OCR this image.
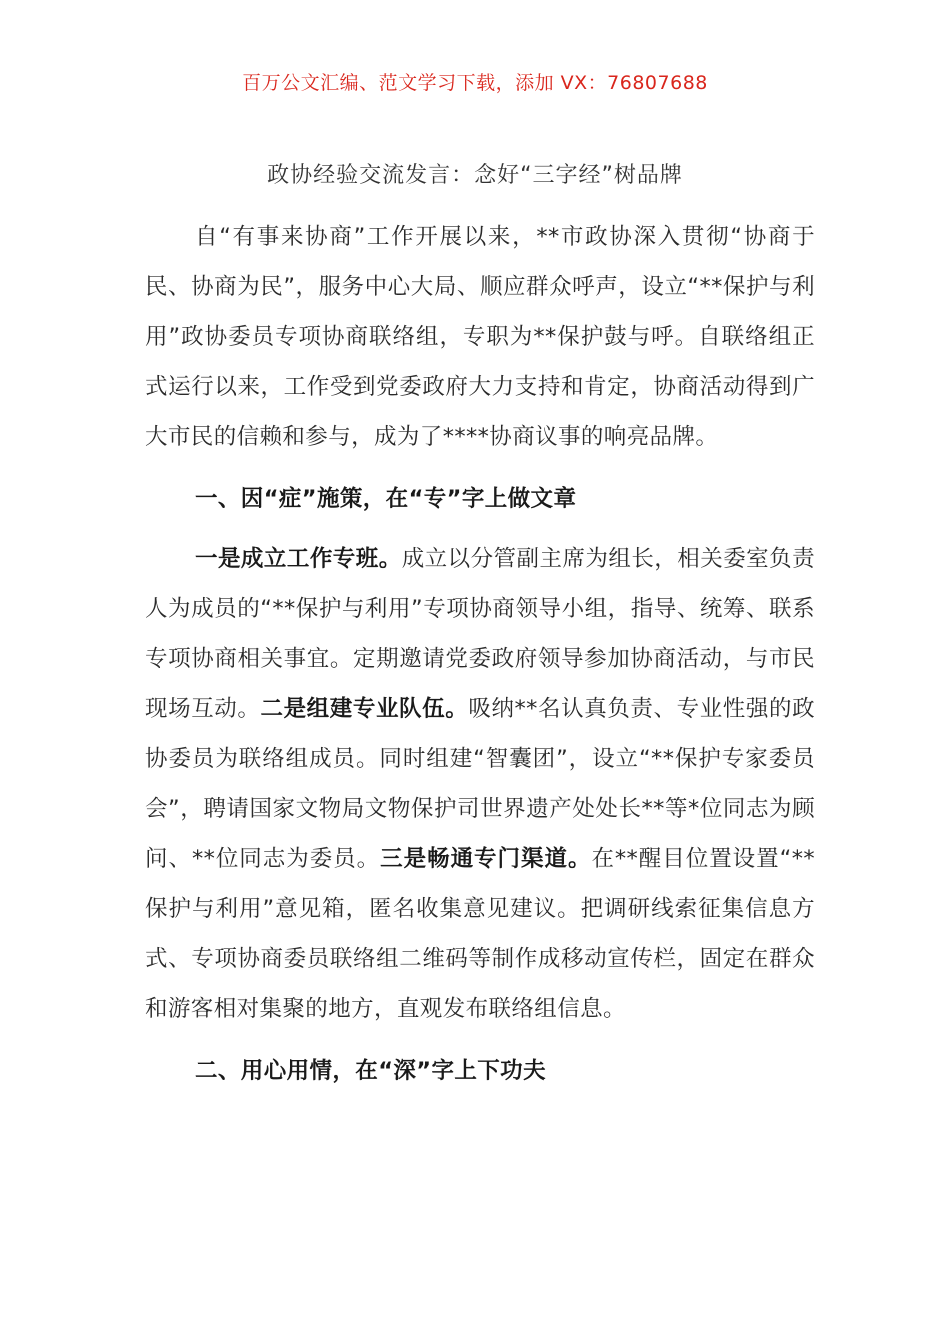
百万公文汇编、范文学习下载，添加 VX：76807688
政协经验交流发言：念好“三字经”树品牌

自“有事来协商”工作开展以来，**市政协深入贯彻“协商于民、协商为民”，服务中心大局、顺应群众呼声，设立“**保护与利用”政协委员专项协商联络组，专职为**保护鼓与呼。自联络组正式运行以来，工作受到党委政府大力支持和肯定，协商活动得到广大市民的信赖和参与，成为了****协商议事的响亮品牌。

一、因“症”施策，在“专”字上做文章

一是成立工作专班。成立以分管副主席为组长，相关委室负责人为成员的“**保护与利用”专项协商领导小组，指导、统筹、联系专项协商相关事宜。定期邀请党委政府领导参加协商活动，与市民现场互动。二是组建专业队伍。吸纳**名认真负责、专业性强的政协委员为联络组成员。同时组建“智囊团”，设立“**保护专家委员会”，聘请国家文物局文物保护司世界遗产处处长**等*位同志为顾问、**位同志为委员。三是畅通专门渠道。在**醒目位置设置“**保护与利用”意见箱，匿名收集意见建议。把调研线索征集信息方式、专项协商委员联络组二维码等制作成移动宣传栏，固定在群众和游客相对集聚的地方，直观发布联络组信息。

二、用心用情，在“深”字上下功夫
